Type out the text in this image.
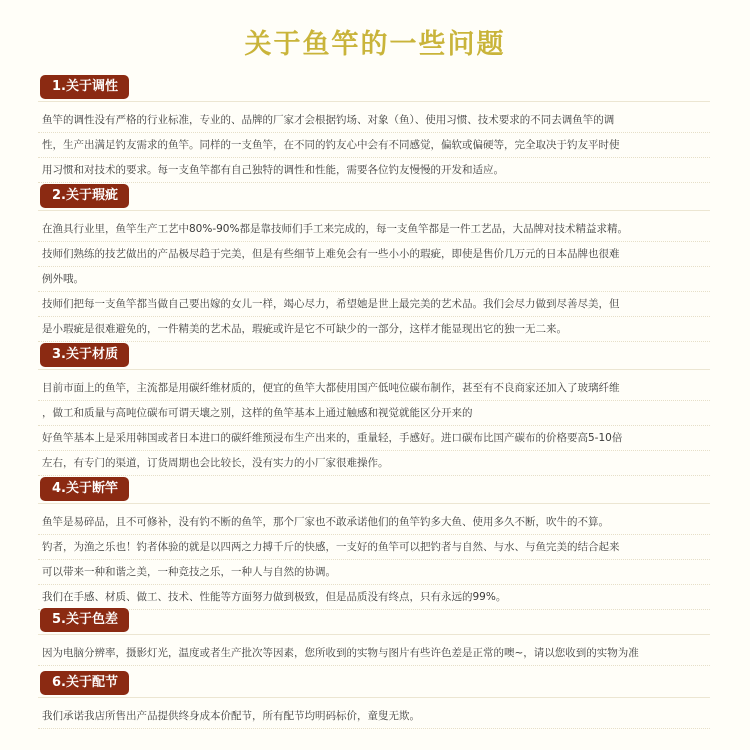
关于鱼竿的一些问题
1.关于调性
鱼竿的调性没有严格的行业标准，专业的、品牌的厂家才会根据钓场、对象（鱼）、使用习惯、技术要求的不同去调鱼竿的调
性，生产出满足钓友需求的鱼竿。同样的一支鱼竿，在不同的钓友心中会有不同感觉，偏软或偏硬等，完全取决于钓友平时使
用习惯和对技术的要求。每一支鱼竿都有自己独特的调性和性能，需要各位钓友慢慢的开发和适应。
2.关于瑕疵
在渔具行业里，鱼竿生产工艺中80%-90%都是靠技师们手工来完成的，每一支鱼竿都是一件工艺品，大品牌对技术精益求精。
技师们熟练的技艺做出的产品极尽趋于完美，但是有些细节上难免会有一些小小的瑕疵，即使是售价几万元的日本品牌也很难
例外哦。
技师们把每一支鱼竿都当做自己要出嫁的女儿一样，竭心尽力，希望她是世上最完美的艺术品。我们会尽力做到尽善尽美，但
是小瑕疵是很难避免的，一件精美的艺术品，瑕疵或许是它不可缺少的一部分，这样才能显现出它的独一无二来。
3.关于材质
目前市面上的鱼竿，主流都是用碳纤维材质的，便宜的鱼竿大都使用国产低吨位碳布制作，甚至有不良商家还加入了玻璃纤维
，做工和质量与高吨位碳布可谓天壤之别，这样的鱼竿基本上通过触感和视觉就能区分开来的
好鱼竿基本上是采用韩国或者日本进口的碳纤维预浸布生产出来的，重量轻，手感好。进口碳布比国产碳布的价格要高5-10倍
左右，有专门的渠道，订货周期也会比较长，没有实力的小厂家很难操作。
4.关于断竿
鱼竿是易碎品，且不可修补，没有钓不断的鱼竿，那个厂家也不敢承诺他们的鱼竿钓多大鱼、使用多久不断，吹牛的不算。
钓者，为渔之乐也！钓者体验的就是以四两之力搏千斤的快感，一支好的鱼竿可以把钓者与自然、与水、与鱼完美的结合起来
可以带来一种和谐之美，一种竞技之乐，一种人与自然的协调。
我们在手感、材质、做工、技术、性能等方面努力做到极致，但是品质没有终点，只有永远的99%。
5.关于色差
因为电脑分辨率，摄影灯光，温度或者生产批次等因素，您所收到的实物与图片有些许色差是正常的噢~，请以您收到的实物为准
6.关于配节
我们承诺我店所售出产品提供终身成本价配节，所有配节均明码标价，童叟无欺。
